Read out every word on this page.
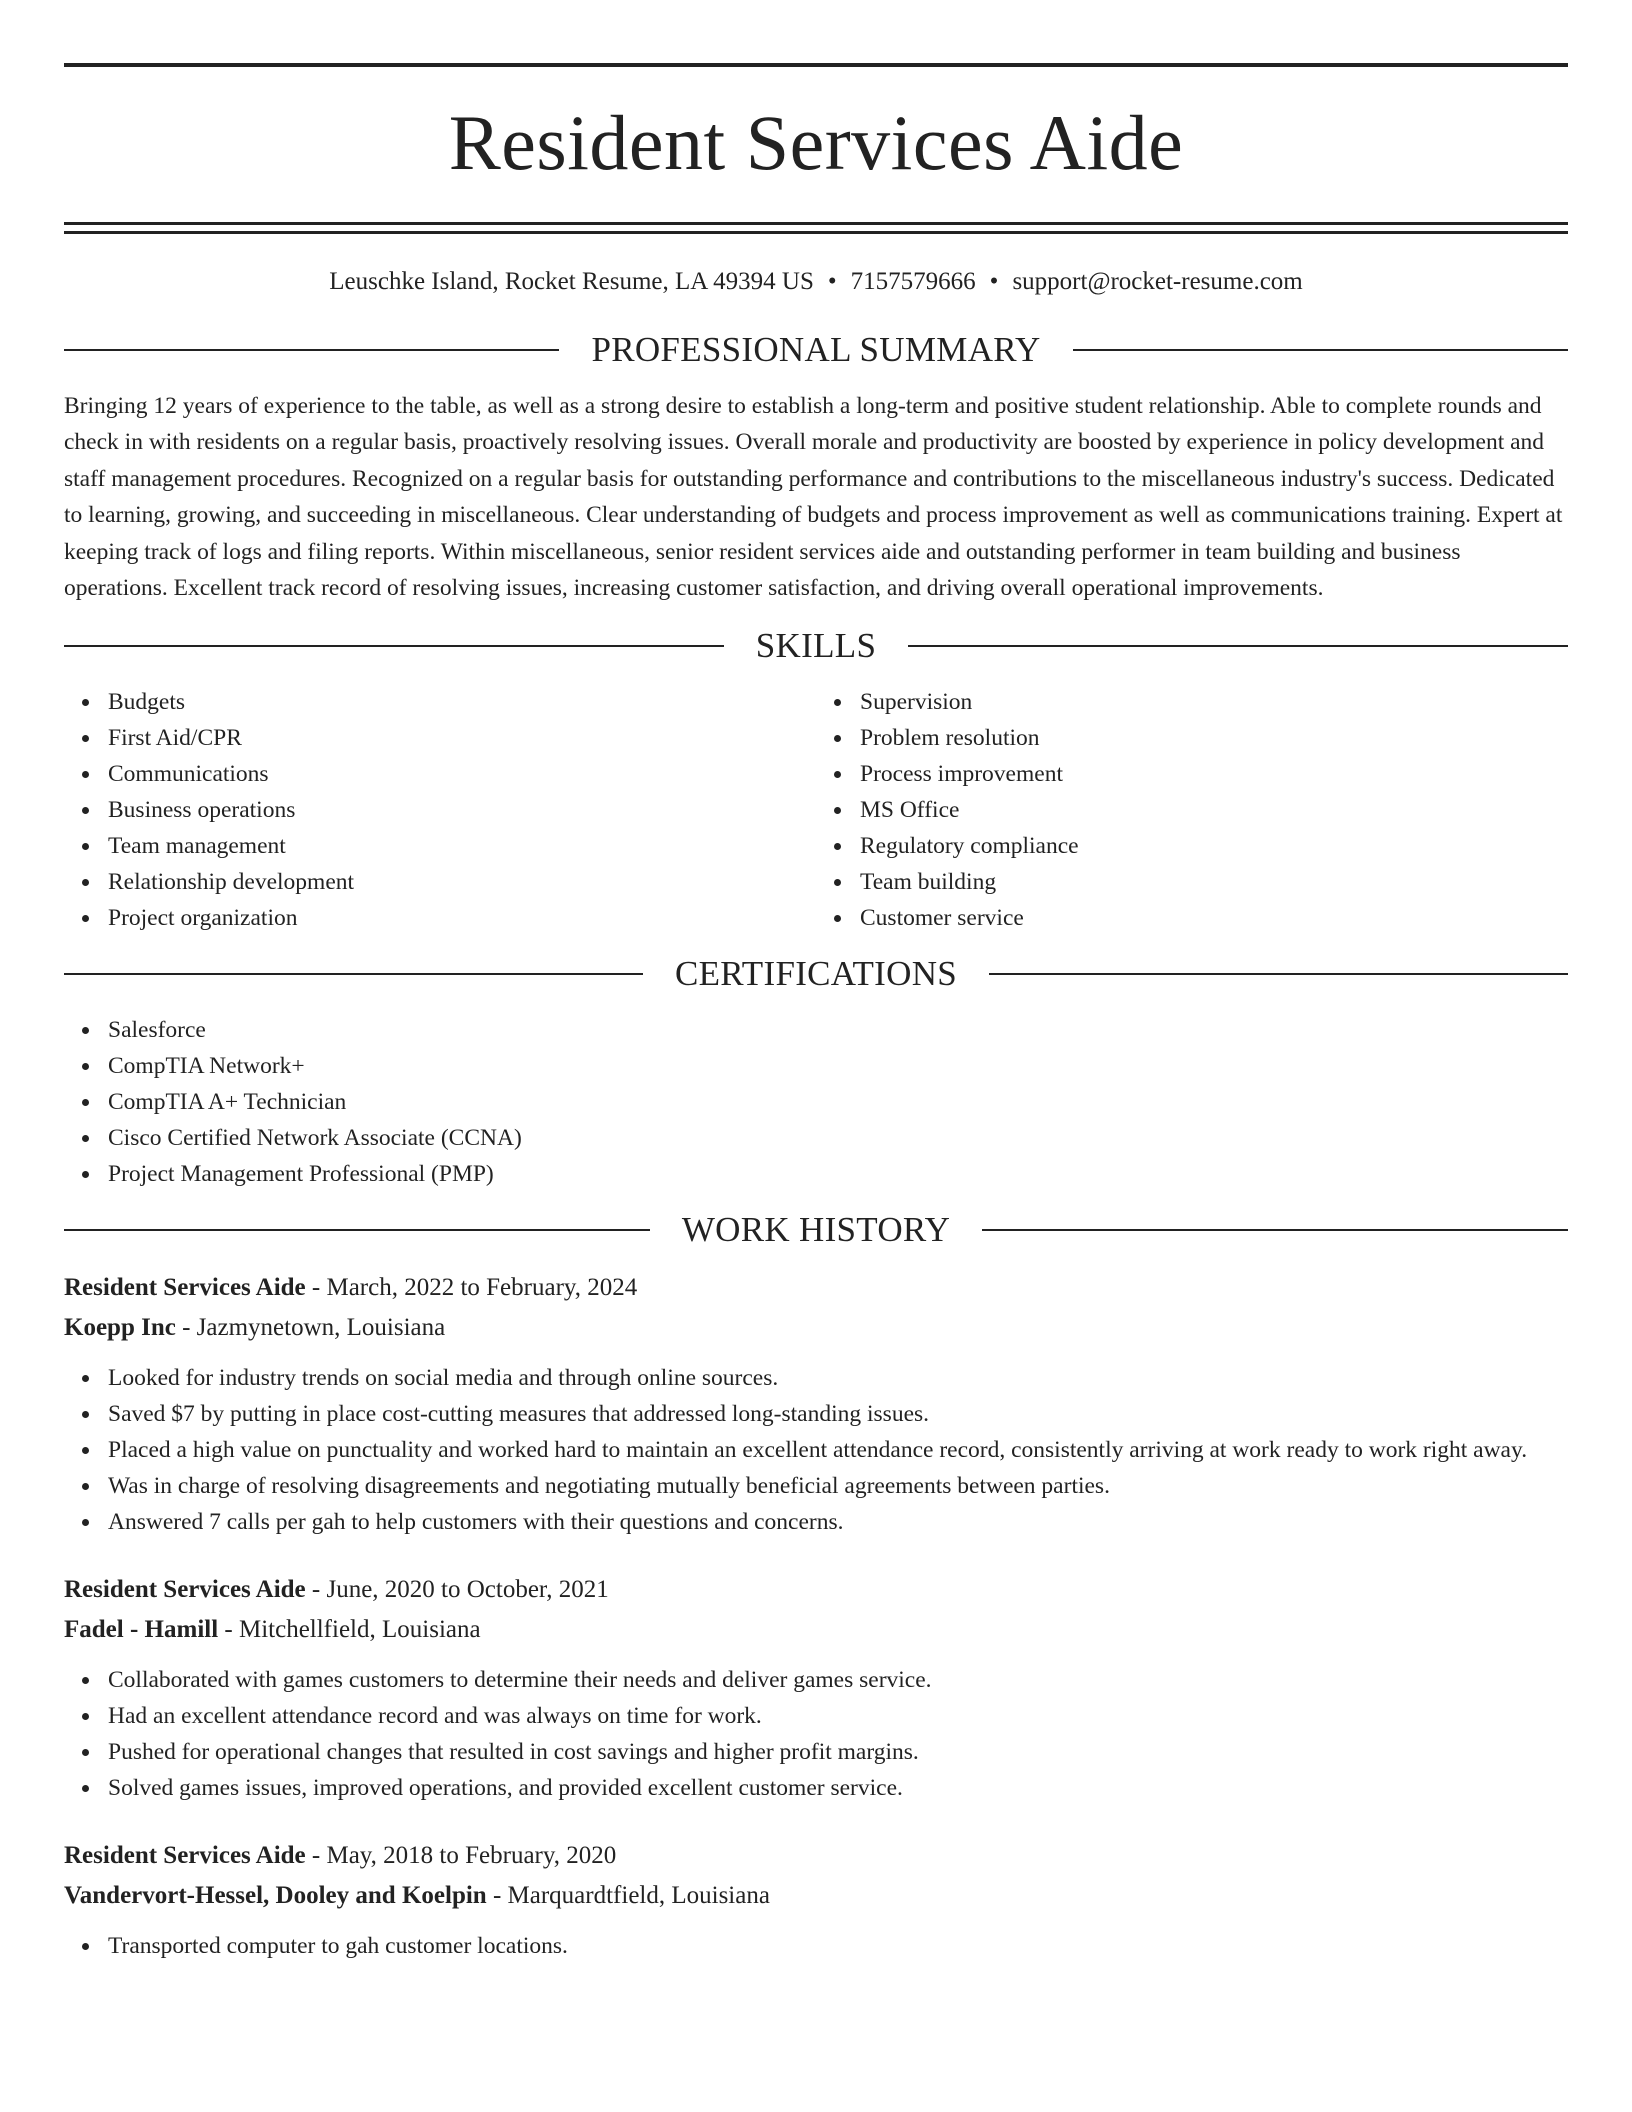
Resident Services Aide
Leuschke Island, Rocket Resume, LA 49394 US • 7157579666 • support@rocket-resume.com
PROFESSIONAL SUMMARY

Bringing 12 years of experience to the table, as well as a strong desire to establish a long-term and positive student relationship. Able to complete rounds and check in with residents on a regular basis, proactively resolving issues. Overall morale and productivity are boosted by experience in policy development and staff management procedures. Recognized on a regular basis for outstanding performance and contributions to the miscellaneous industry's success. Dedicated to learning, growing, and succeeding in miscellaneous. Clear understanding of budgets and process improvement as well as communications training. Expert at keeping track of logs and filing reports. Within miscellaneous, senior resident services aide and outstanding performer in team building and business operations. Excellent track record of resolving issues, increasing customer satisfaction, and driving overall operational improvements.

SKILLS
Budgets
First Aid/CPR
Communications
Business operations
Team management
Relationship development
Project organization
Supervision
Problem resolution
Process improvement
MS Office
Regulatory compliance
Team building
Customer service
CERTIFICATIONS
Salesforce
CompTIA Network+
CompTIA A+ Technician
Cisco Certified Network Associate (CCNA)
Project Management Professional (PMP)
WORK HISTORY
Resident Services Aide - March, 2022 to February, 2024
Koepp Inc - Jazmynetown, Louisiana
Looked for industry trends on social media and through online sources.
Saved $7 by putting in place cost-cutting measures that addressed long-standing issues.
Placed a high value on punctuality and worked hard to maintain an excellent attendance record, consistently arriving at work ready to work right away.
Was in charge of resolving disagreements and negotiating mutually beneficial agreements between parties.
Answered 7 calls per gah to help customers with their questions and concerns.
Resident Services Aide - June, 2020 to October, 2021
Fadel - Hamill - Mitchellfield, Louisiana
Collaborated with games customers to determine their needs and deliver games service.
Had an excellent attendance record and was always on time for work.
Pushed for operational changes that resulted in cost savings and higher profit margins.
Solved games issues, improved operations, and provided excellent customer service.
Resident Services Aide - May, 2018 to February, 2020
Vandervort-Hessel, Dooley and Koelpin - Marquardtfield, Louisiana
Transported computer to gah customer locations.
